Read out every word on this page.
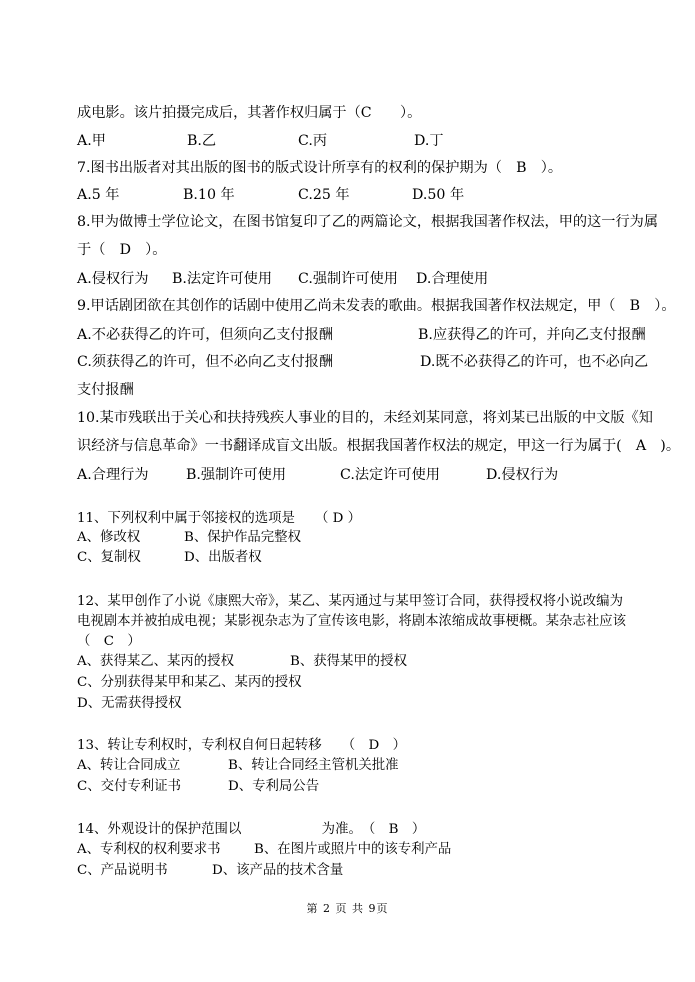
成电影。该片拍摄完成后，其著作权归属于（C　　）。
A.甲	B.乙	C.丙	D.丁
7.图书出版者对其出版的图书的版式设计所享有的权利的保护期为（　B　）。
A.5 年	B.10 年	C.25 年	D.50 年
8.甲为做博士学位论文，在图书馆复印了乙的两篇论文，根据我国著作权法，甲的这一行为属
于（　D　）。
A.侵权行为 B.法定许可使用 C.强制许可使用 D.合理使用
9.甲话剧团欲在其创作的话剧中使用乙尚未发表的歌曲。根据我国著作权法规定，甲（　B　）。
A.不必获得乙的许可，但须向乙支付报酬	B.应获得乙的许可，并向乙支付报酬
C.须获得乙的许可，但不必向乙支付报酬	D.既不必获得乙的许可，也不必向乙
支付报酬
10.某市残联出于关心和扶持残疾人事业的目的，未经刘某同意，将刘某已出版的中文版《知
识经济与信息革命》一书翻译成盲文出版。根据我国著作权法的规定，甲这一行为属于(　A　)。
A.合理行为	B.强制许可使用	C.法定许可使用	D.侵权行为
11、下列权利中属于邻接权的选项是　　（ D ）
A、修改权	B、保护作品完整权
C、复制权	D、出版者权
12、某甲创作了小说《康熙大帝》，某乙、某丙通过与某甲签订合同，获得授权将小说改编为
电视剧本并被拍成电视；某影视杂志为了宣传该电影，将剧本浓缩成故事梗概。某杂志社应该
（　C　）
A、获得某乙、某丙的授权	B、获得某甲的授权
C、分别获得某甲和某乙、某丙的授权
D、无需获得授权
13、转让专利权时，专利权自何日起转移　　（　D　）
A、转让合同成立	B、转让合同经主管机关批准
C、交付专利证书	D、专利局公告
14、外观设计的保护范围以　　　　　　为准。　（　B　）
A、专利权的权利要求书 B、在图片或照片中的该专利产品
C、产品说明书	D、该产品的技术含量
第 2 页 共 9页
